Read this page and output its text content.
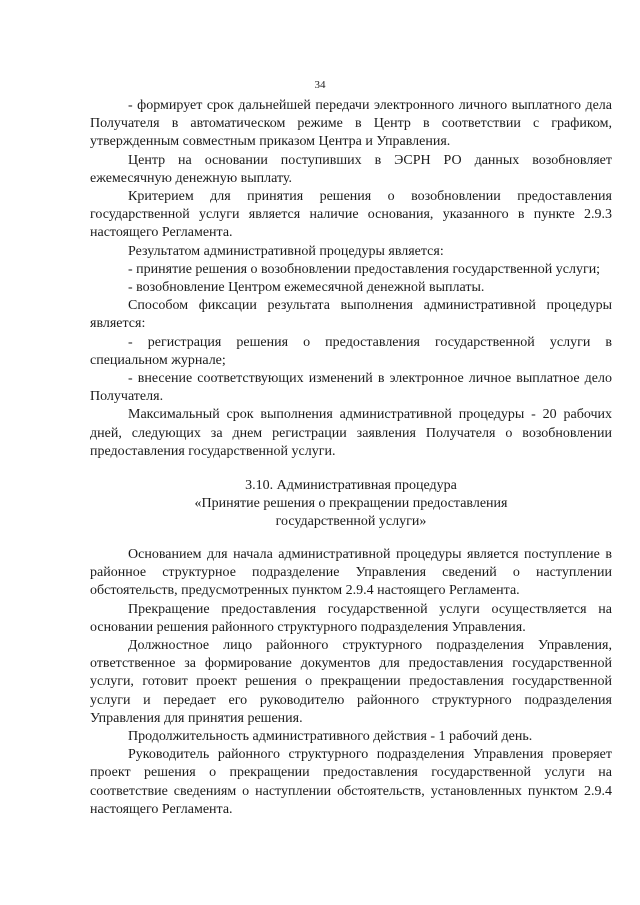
34

- формирует срок дальнейшей передачи электронного личного выплатного дела Получателя в автоматическом режиме в Центр в соответствии с графиком, утвержденным совместным приказом Центра и Управления.

Центр на основании поступивших в ЭСРН РО данных возобновляет ежемесячную денежную выплату.

Критерием для принятия решения о возобновлении предоставления государственной услуги является наличие основания, указанного в пункте 2.9.3 настоящего Регламента.

Результатом административной процедуры является:

- принятие решения о возобновлении предоставления государственной услуги;

- возобновление Центром ежемесячной денежной выплаты.

Способом фиксации результата выполнения административной процедуры является:

- регистрация решения о предоставления государственной услуги в специальном журнале;

- внесение соответствующих изменений в электронное личное выплатное дело Получателя.

Максимальный срок выполнения административной процедуры - 20 рабочих дней, следующих за днем регистрации заявления Получателя о возобновлении предоставления государственной услуги.

3.10. Административная процедура
«Принятие решения о прекращении предоставления
государственной услуги»

Основанием для начала административной процедуры является поступление в районное структурное подразделение Управления сведений о наступлении обстоятельств, предусмотренных пунктом 2.9.4 настоящего Регламента.

Прекращение предоставления государственной услуги осуществляется на основании решения районного структурного подразделения Управления.

Должностное лицо районного структурного подразделения Управления, ответственное за формирование документов для предоставления государственной услуги, готовит проект решения о прекращении предоставления государственной услуги и передает его руководителю районного структурного подразделения Управления для принятия решения.

Продолжительность административного действия - 1 рабочий день.

Руководитель районного структурного подразделения Управления проверяет проект решения о прекращении предоставления государственной услуги на соответствие сведениям о наступлении обстоятельств, установленных пунктом 2.9.4 настоящего Регламента.
